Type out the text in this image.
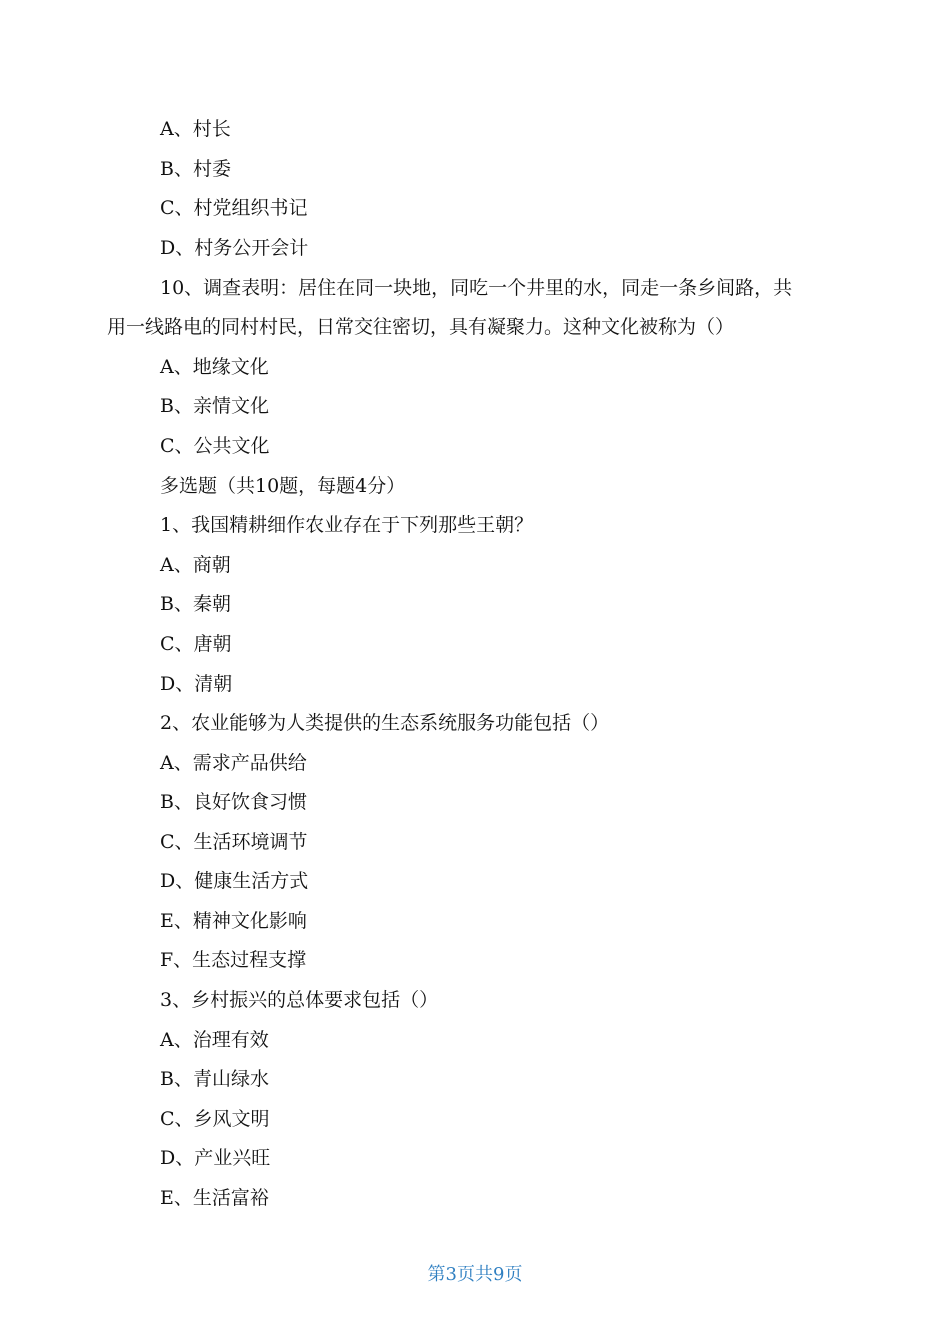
A、村长
B、村委
C、村党组织书记
D、村务公开会计
10、调查表明：居住在同一块地，同吃一个井里的水，同走一条乡间路，共
用一线路电的同村村民，日常交往密切，具有凝聚力。这种文化被称为（）
A、地缘文化
B、亲情文化
C、公共文化
多选题（共10题，每题4分）
1、我国精耕细作农业存在于下列那些王朝？
A、商朝
B、秦朝
C、唐朝
D、清朝
2、农业能够为人类提供的生态系统服务功能包括（）
A、需求产品供给
B、良好饮食习惯
C、生活环境调节
D、健康生活方式
E、精神文化影响
F、生态过程支撑
3、乡村振兴的总体要求包括（）
A、治理有效
B、青山绿水
C、乡风文明
D、产业兴旺
E、生活富裕
第3页共9页
